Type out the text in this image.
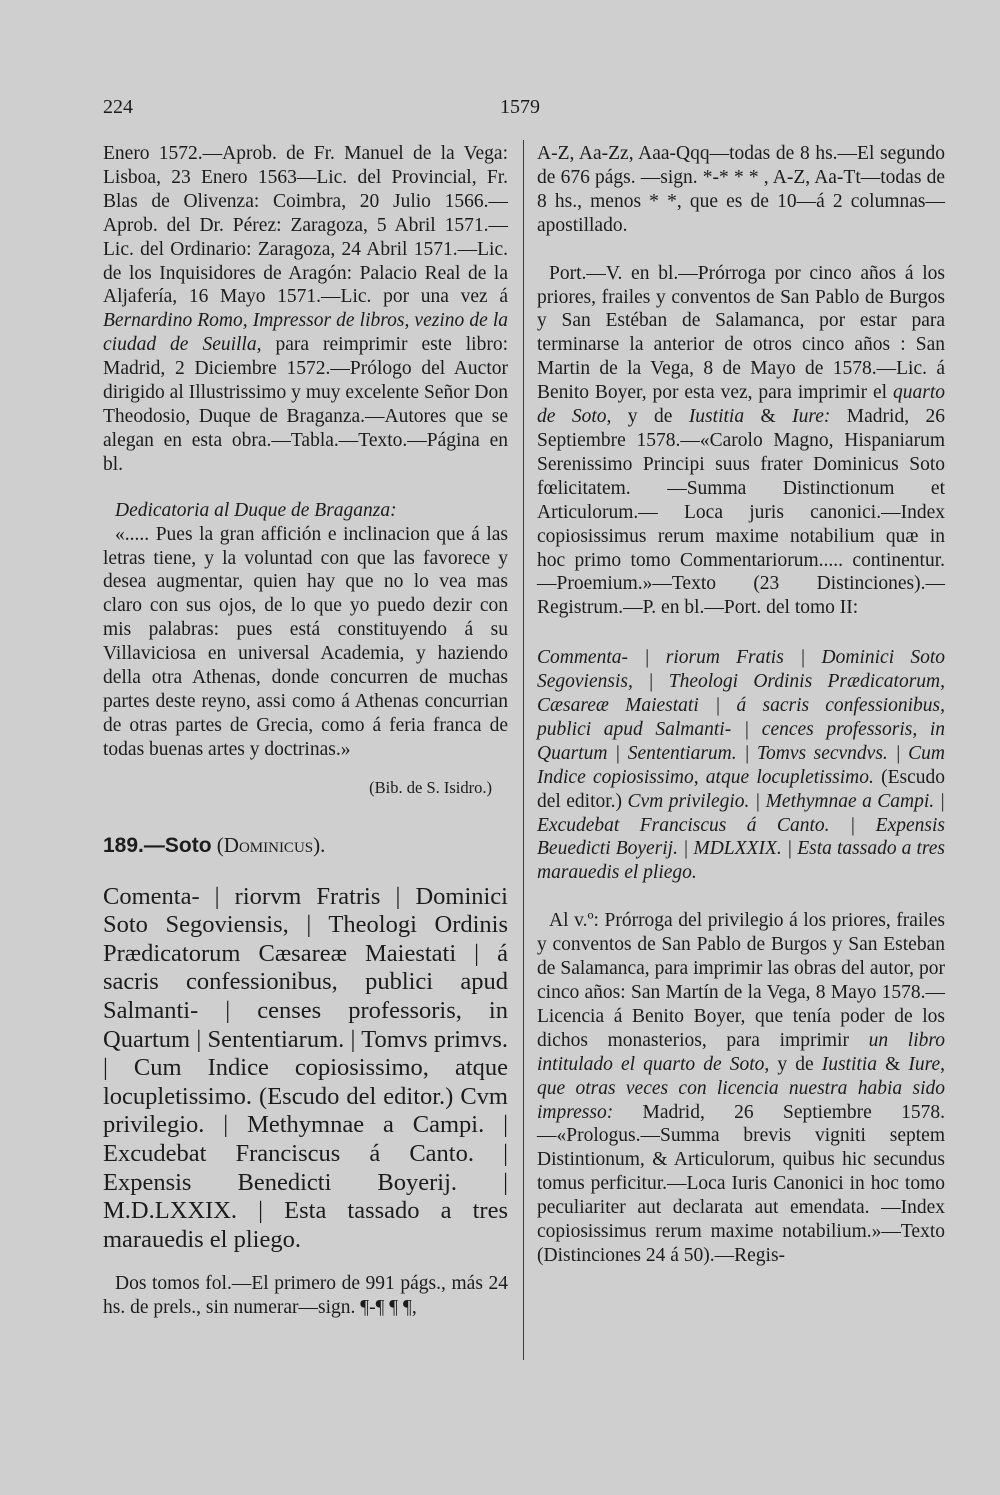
224	1579

Enero 1572.—Aprob. de Fr. Manuel de la Vega: Lisboa, 23 Enero 1563—Lic. del Provincial, Fr. Blas de Olivenza: Coimbra, 20 Julio 1566.—Aprob. del Dr. Pérez: Zaragoza, 5 Abril 1571.—Lic. del Ordinario: Zaragoza, 24 Abril 1571.—Lic. de los Inquisidores de Aragón: Palacio Real de la Aljafería, 16 Mayo 1571.—Lic. por una vez á Bernardino Romo, Impressor de libros, vezino de la ciudad de Seuilla, para reimprimir este libro: Madrid, 2 Diciembre 1572.—Prólogo del Auctor dirigido al Illustrissimo y muy excelente Señor Don Theodosio, Duque de Braganza.—Autores que se alegan en esta obra.—Tabla.—Texto.—Página en bl.

Dedicatoria al Duque de Braganza:

«..... Pues la gran affición e inclinacion que á las letras tiene, y la voluntad con que las favorece y desea augmentar, quien hay que no lo vea mas claro con sus ojos, de lo que yo puedo dezir con mis palabras: pues está constituyendo á su Villaviciosa en universal Academia, y haziendo della otra Athenas, donde concurren de muchas partes deste reyno, assi como á Athenas concurrian de otras partes de Grecia, como á feria franca de todas buenas artes y doctrinas.»

(Bib. de S. Isidro.)

189.—Soto (Dominicus).

Comenta- | riorvm Fratris | Dominici Soto Segoviensis, | Theologi Ordinis Prædicatorum Cæsareæ Maiestati | á sacris confessionibus, publici apud Salmanti- | censes professoris, in Quartum | Sententiarum. | Tomvs primvs. | Cum Indice copiosissimo, atque locupletissimo. (Escudo del editor.) Cvm privilegio. | Methymnae a Campi. | Excudebat Franciscus á Canto. | Expensis Benedicti Boyerij. | M.D.LXXIX. | Esta tassado a tres marauedis el pliego.

Dos tomos fol.—El primero de 991 págs., más 24 hs. de prels., sin numerar—sign. ¶-¶ ¶ ¶,

A-Z, Aa-Zz, Aaa-Qqq—todas de 8 hs.—El segundo de 676 págs. —sign. *-* * * , A-Z, Aa-Tt—todas de 8 hs., menos * *, que es de 10—á 2 columnas—apostillado.

Port.—V. en bl.—Prórroga por cinco años á los priores, frailes y conventos de San Pablo de Burgos y San Estéban de Salamanca, por estar para terminarse la anterior de otros cinco años : San Martin de la Vega, 8 de Mayo de 1578.—Lic. á Benito Boyer, por esta vez, para imprimir el quarto de Soto, y de Iustitia & Iure: Madrid, 26 Septiembre 1578.—«Carolo Magno, Hispaniarum Serenissimo Principi suus frater Dominicus Soto fœlicitatem. —Summa Distinctionum et Articulorum.— Loca juris canonici.—Index copiosissimus rerum maxime notabilium quæ in hoc primo tomo Commentariorum..... continentur.—Proemium.»—Texto (23 Distinciones).—Registrum.—P. en bl.—Port. del tomo II:

Commenta- | riorum Fratis | Dominici Soto Segoviensis, | Theologi Ordinis Prædicatorum, Cæsareæ Maiestati | á sacris confessionibus, publici apud Salmanti- | cences professoris, in Quartum | Sententiarum. | Tomvs secvndvs. | Cum Indice copiosissimo, atque locupletissimo. (Escudo del editor.) Cvm privilegio. | Methymnae a Campi. | Excudebat Franciscus á Canto. | Expensis Beuedicti Boyerij. | MDLXXIX. | Esta tassado a tres marauedis el pliego.

Al v.º: Prórroga del privilegio á los priores, frailes y conventos de San Pablo de Burgos y San Esteban de Salamanca, para imprimir las obras del autor, por cinco años: San Martín de la Vega, 8 Mayo 1578.—Licencia á Benito Boyer, que tenía poder de los dichos monasterios, para imprimir un libro intitulado el quarto de Soto, y de Iustitia & Iure, que otras veces con licencia nuestra habia sido impresso: Madrid, 26 Septiembre 1578.—«Prologus.—Summa brevis vigniti septem Distintionum, & Articulorum, quibus hic secundus tomus perficitur.—Loca Iuris Canonici in hoc tomo peculiariter aut declarata aut emendata. —Index copiosissimus rerum maxime notabilium.»—Texto (Distinciones 24 á 50).—Regis-
